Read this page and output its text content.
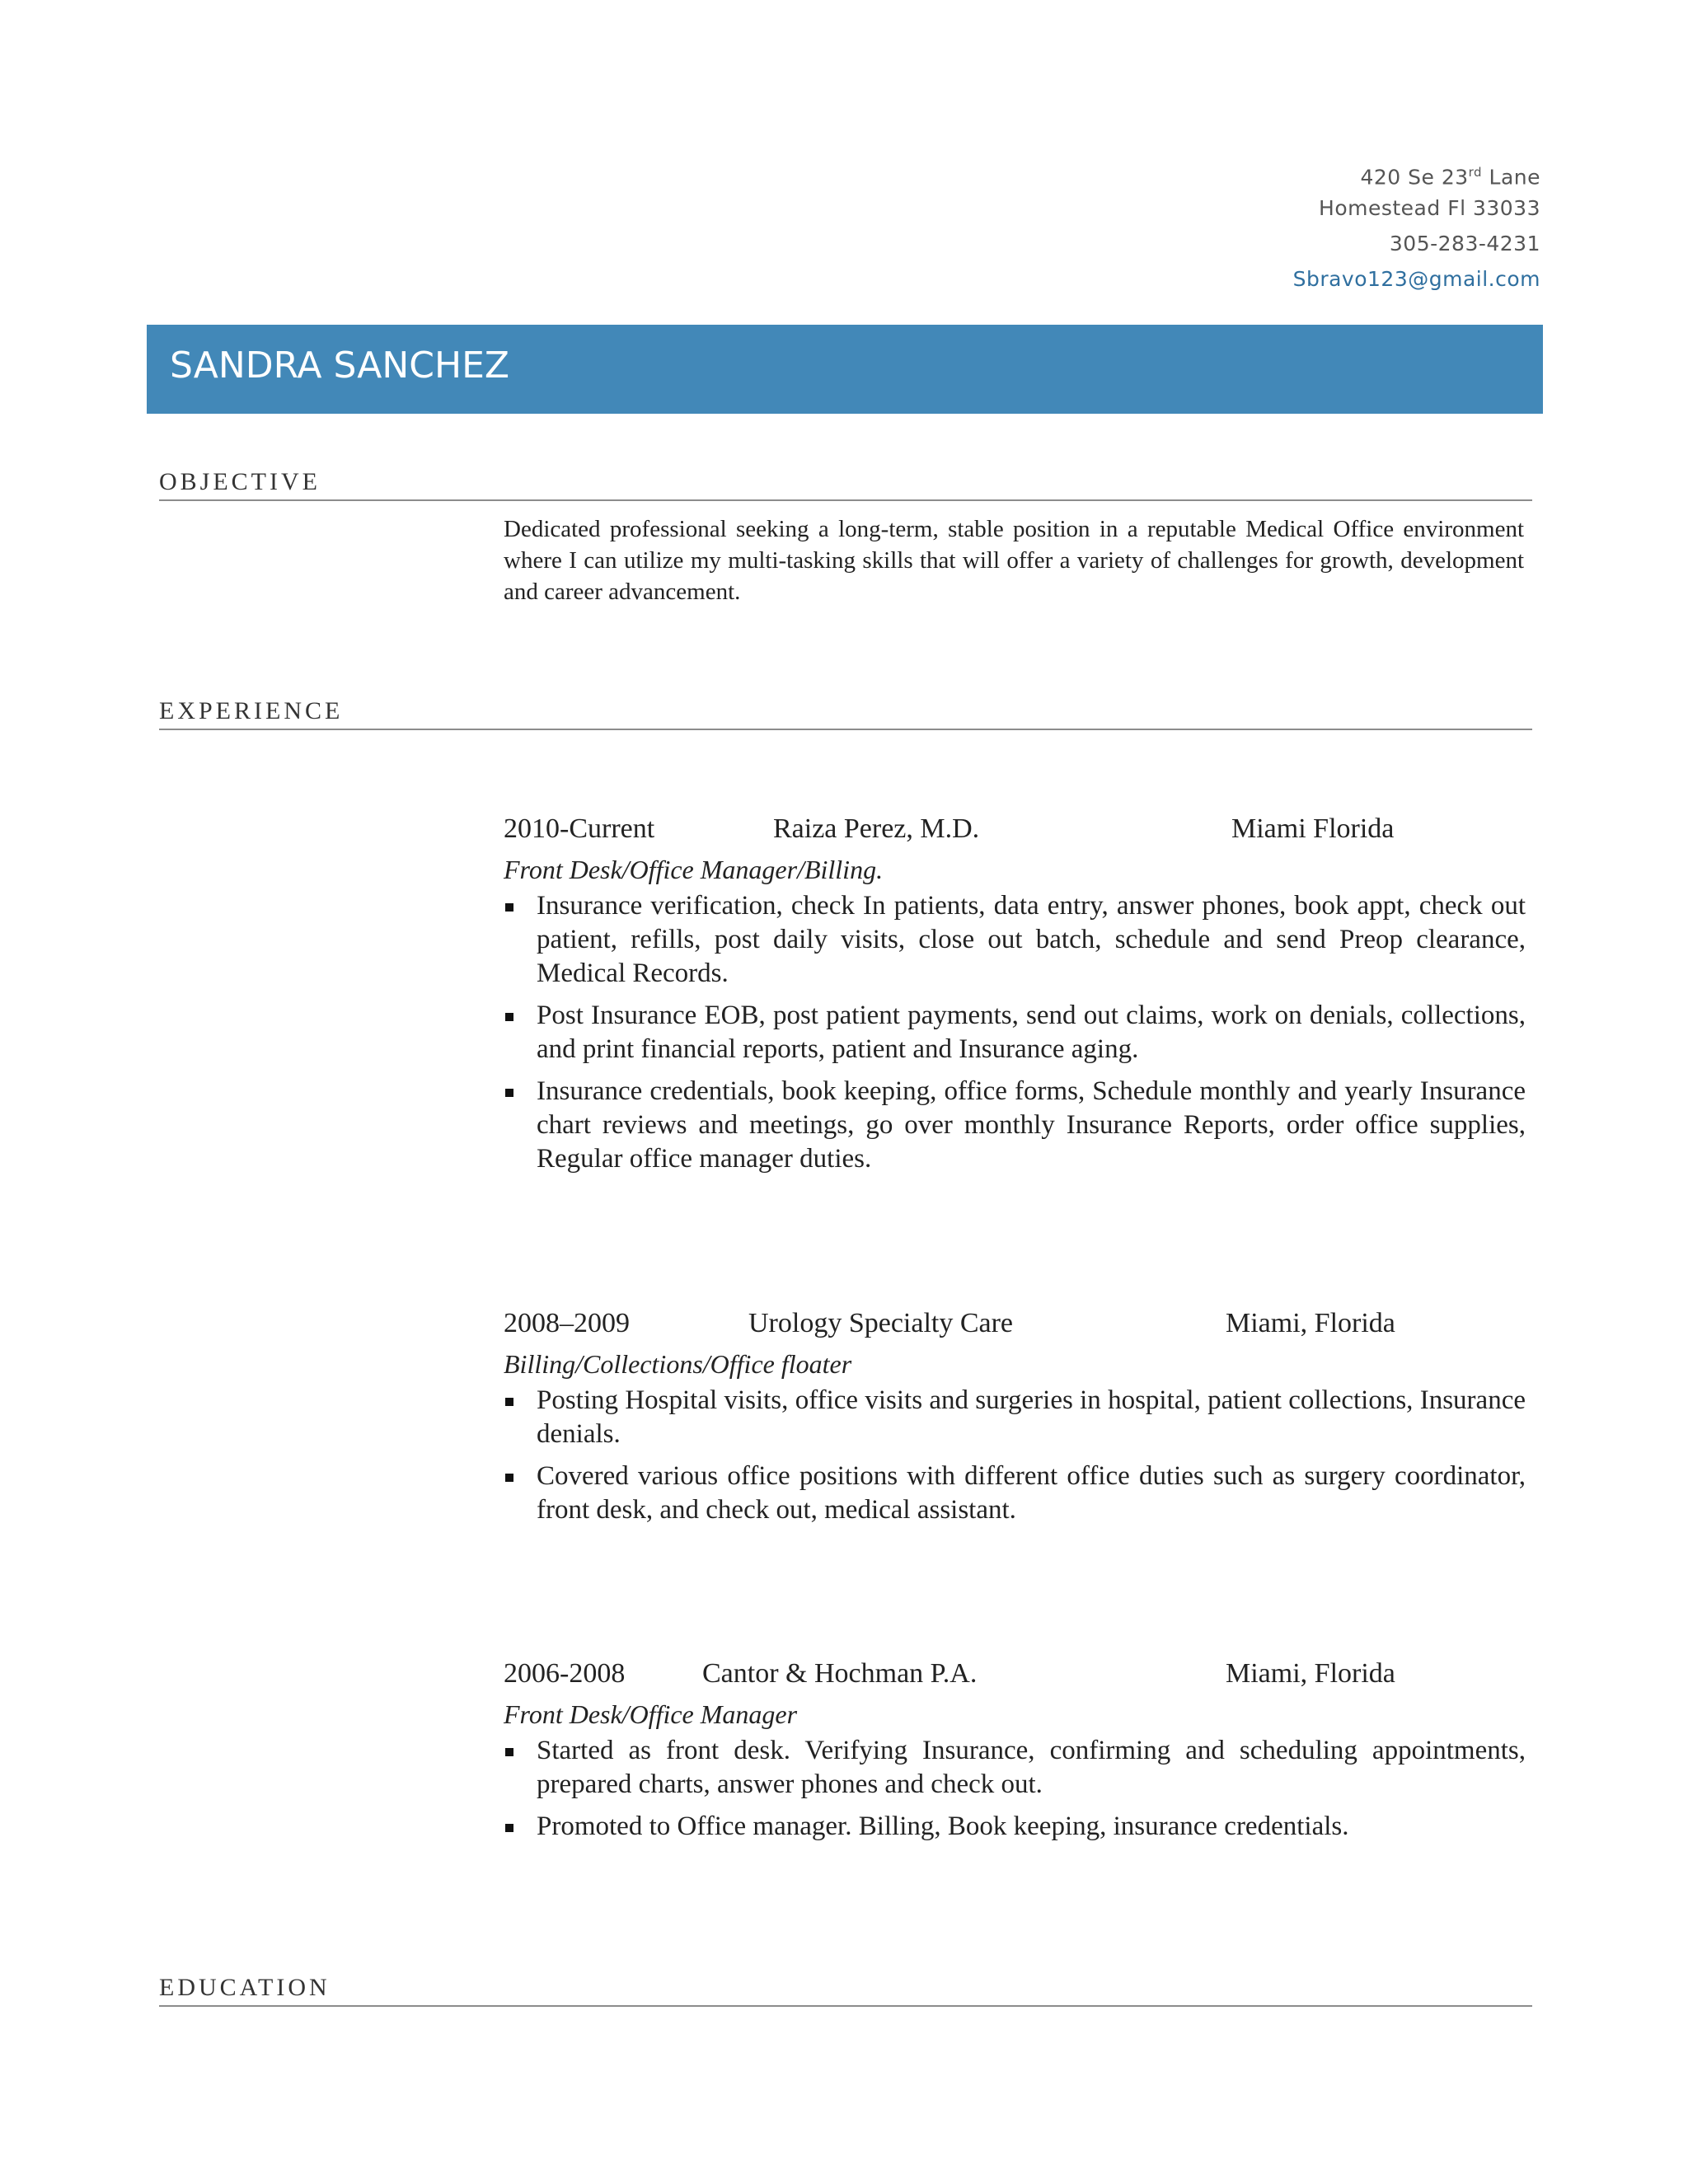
420 Se 23rd Lane
Homestead Fl 33033
305-283-4231
Sbravo123@gmail.com
SANDRA SANCHEZ
OBJECTIVE
Dedicated professional seeking a long-term, stable position in a reputable Medical Office environment where I can utilize my multi-tasking skills that will offer a variety of challenges for growth, development and career advancement.
EXPERIENCE
2010-Current	Raiza Perez, M.D.	Miami Florida
Front Desk/Office Manager/Billing.
Insurance verification, check In patients, data entry, answer phones, book appt, check out patient, refills, post daily visits, close out batch, schedule and send Preop clearance, Medical Records.
Post Insurance EOB, post patient payments, send out claims, work on denials, collections, and print financial reports, patient and Insurance aging.
Insurance credentials, book keeping, office forms, Schedule monthly and yearly Insurance chart reviews and meetings, go over monthly Insurance Reports, order office supplies, Regular office manager duties.
2008–2009	Urology Specialty Care	Miami, Florida
Billing/Collections/Office floater
Posting Hospital visits, office visits and surgeries in hospital, patient collections, Insurance denials.
Covered various office positions with different office duties such as surgery coordinator, front desk, and check out, medical assistant.
2006-2008	Cantor & Hochman P.A.	Miami, Florida
Front Desk/Office Manager
Started as front desk. Verifying Insurance, confirming and scheduling appointments, prepared charts, answer phones and check out.
Promoted to Office manager. Billing, Book keeping, insurance credentials.
EDUCATION
